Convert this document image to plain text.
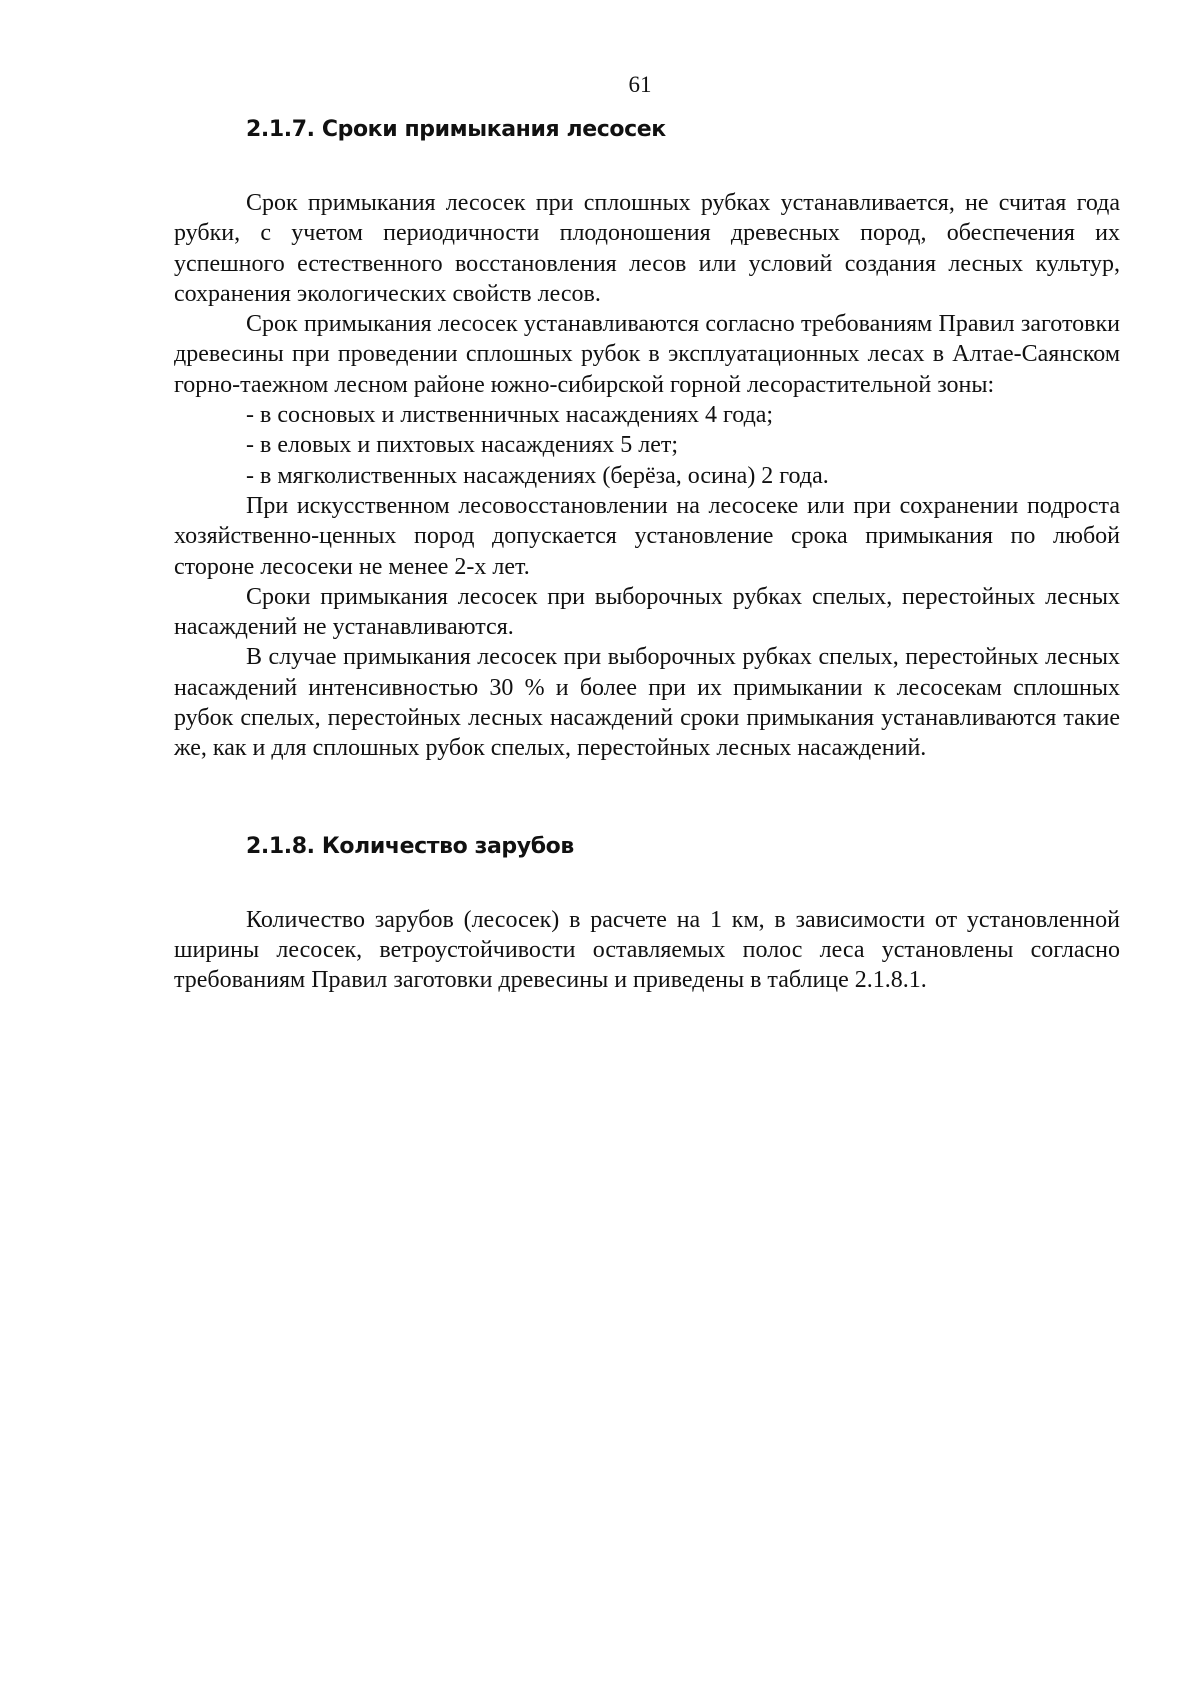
61
2.1.7. Сроки примыкания лесосек

Срок примыкания лесосек при сплошных рубках устанавливается, не считая года рубки, с учетом периодичности плодоношения древесных пород, обеспечения их успешного естественного восстановления лесов или условий создания лесных культур, сохранения экологических свойств лесов.

Срок примыкания лесосек устанавливаются согласно требованиям Правил заготовки древесины при проведении сплошных рубок в эксплуатационных лесах в Алтае-Саянском горно-таежном лесном районе южно-сибирской горной лесорастительной зоны:

- в сосновых и лиственничных насаждениях 4 года;

- в еловых и пихтовых насаждениях 5 лет;

- в мягколиственных насаждениях (берёза, осина) 2 года.

При искусственном лесовосстановлении на лесосеке или при сохранении подроста хозяйственно-ценных пород допускается установление срока примыкания по любой стороне лесосеки не менее 2-х лет.

Сроки примыкания лесосек при выборочных рубках спелых, перестойных лесных насаждений не устанавливаются.

В случае примыкания лесосек при выборочных рубках спелых, перестойных лесных насаждений интенсивностью 30 % и более при их примыкании к лесосекам сплошных рубок спелых, перестойных лесных насаждений сроки примыкания устанавливаются такие же, как и для сплошных рубок спелых, перестойных лесных насаждений.

2.1.8. Количество зарубов

Количество зарубов (лесосек) в расчете на 1 км, в зависимости от установленной ширины лесосек, ветроустойчивости оставляемых полос леса установлены согласно требованиям Правил заготовки древесины и приведены в таблице 2.1.8.1.
